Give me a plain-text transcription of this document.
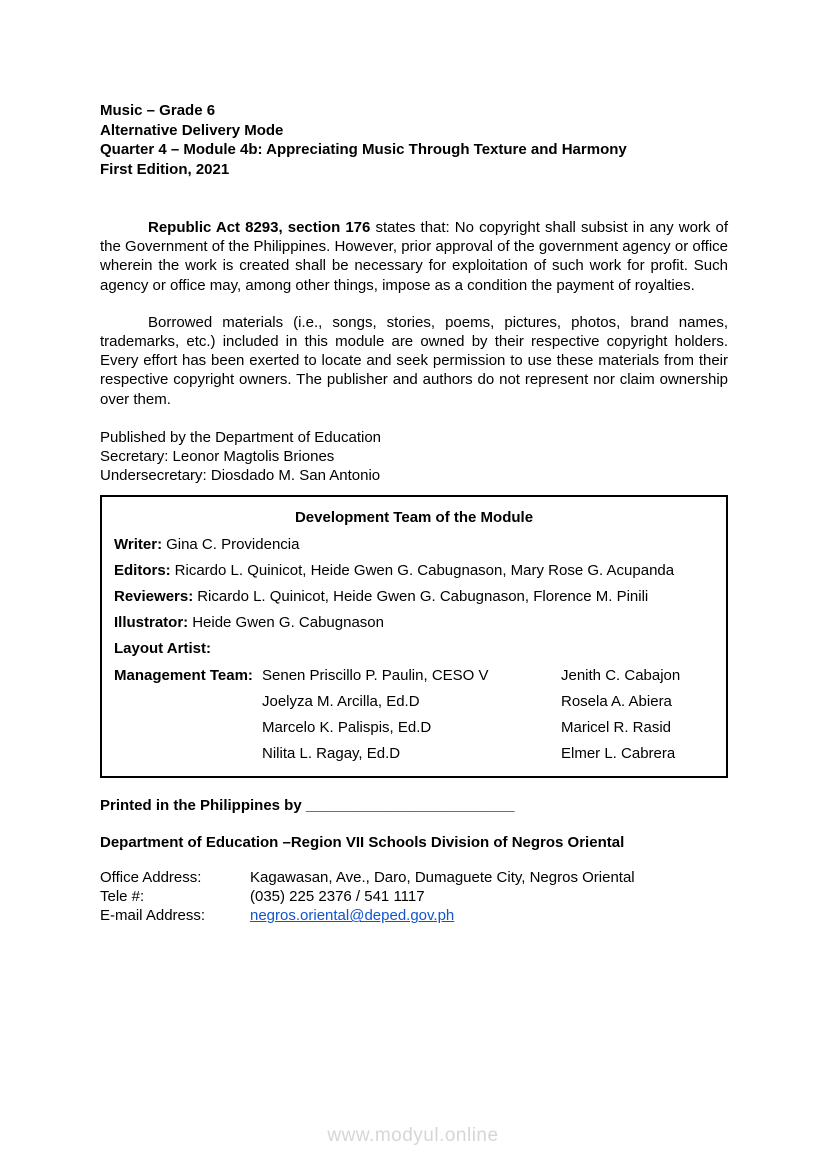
Music – Grade 6
Alternative Delivery Mode
Quarter 4 – Module 4b: Appreciating Music Through Texture and Harmony
First Edition, 2021

Republic Act 8293, section 176 states that: No copyright shall subsist in any work of the Government of the Philippines. However, prior approval of the government agency or office wherein the work is created shall be necessary for exploitation of such work for profit. Such agency or office may, among other things, impose as a condition the payment of royalties.

Borrowed materials (i.e., songs, stories, poems, pictures, photos, brand names, trademarks, etc.) included in this module are owned by their respective copyright holders. Every effort has been exerted to locate and seek permission to use these materials from their respective copyright owners. The publisher and authors do not represent nor claim ownership over them.

Published by the Department of Education
Secretary: Leonor Magtolis Briones
Undersecretary: Diosdado M. San Antonio
Development Team of the Module
Writer: Gina C. Providencia
Editors: Ricardo L. Quinicot, Heide Gwen G. Cabugnason, Mary Rose G. Acupanda
Reviewers: Ricardo L. Quinicot, Heide Gwen G. Cabugnason, Florence M. Pinili
Illustrator: Heide Gwen G. Cabugnason
Layout Artist:
Management Team: Senen Priscillo P. Paulin, CESO V	Jenith C. Cabajon
Joelyza M. Arcilla, Ed.D	Rosela A. Abiera
Marcelo K. Palispis, Ed.D	Maricel R. Rasid
Nilita L. Ragay, Ed.D	Elmer L. Cabrera

Printed in the Philippines by _________________________

Department of Education –Region VII Schools Division of Negros Oriental

Office Address:	Kagawasan, Ave., Daro, Dumaguete City, Negros Oriental
Tele #:	(035) 225 2376 / 541 1117
E-mail Address:	negros.oriental@deped.gov.ph
www.modyul.online
